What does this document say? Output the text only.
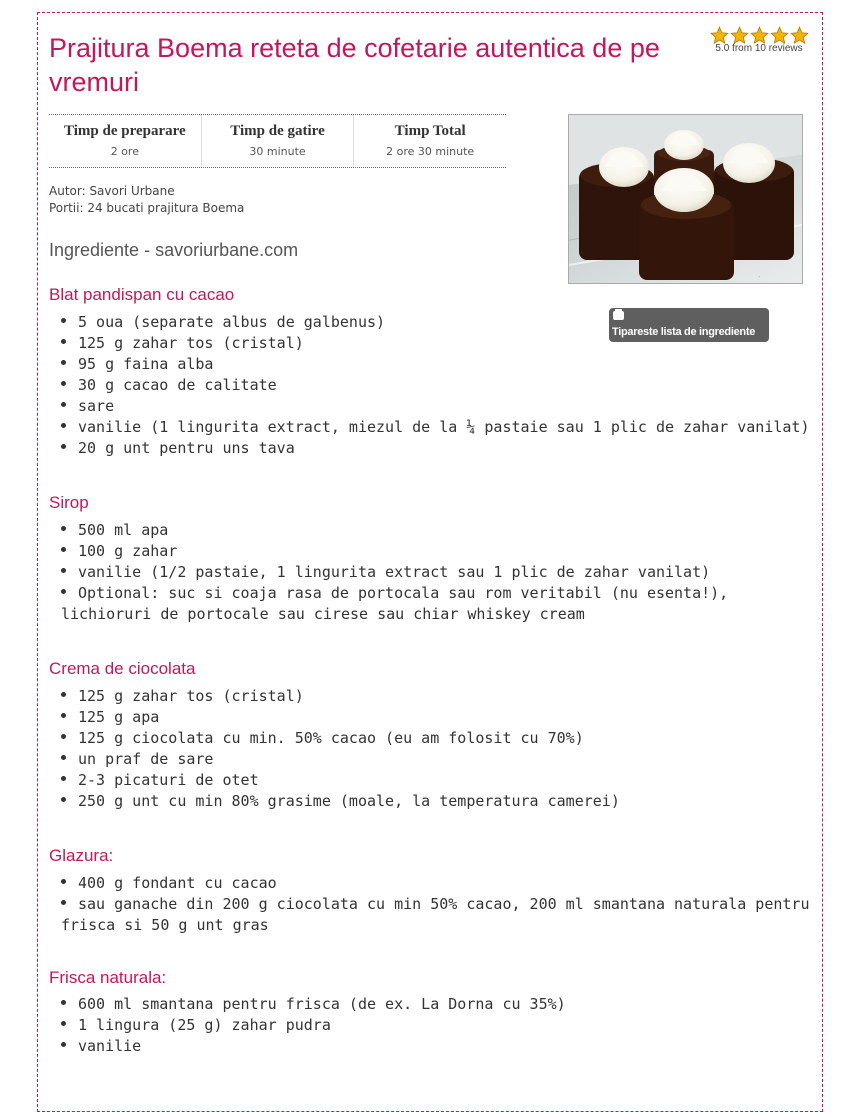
Prajitura Boema reteta de cofetarie autentica de pe vremuri
5.0 from 10 reviews
Timp de preparare
2 ore
Timp de gatire
30 minute
Timp Total
2 ore 30 minute
Autor: Savori Urbane
Portii: 24 bucati prajitura Boema
Ingrediente - savoriurbane.com
.
Tipareste lista de ingrediente
Blat pandispan cu cacao
5 oua (separate albus de galbenus)
125 g zahar tos (cristal)
95 g faina alba
30 g cacao de calitate
sare
vanilie (1 lingurita extract, miezul de la ¼ pastaie sau 1 plic de zahar vanilat)
20 g unt pentru uns tava
Sirop
500 ml apa
100 g zahar
vanilie (1/2 pastaie, 1 lingurita extract sau 1 plic de zahar vanilat)
Optional: suc si coaja rasa de portocala sau rom veritabil (nu esenta!), lichioruri de portocale sau cirese sau chiar whiskey cream
Crema de ciocolata
125 g zahar tos (cristal)
125 g apa
125 g ciocolata cu min. 50% cacao (eu am folosit cu 70%)
un praf de sare
2-3 picaturi de otet
250 g unt cu min 80% grasime (moale, la temperatura camerei)
Glazura:
400 g fondant cu cacao
sau ganache din 200 g ciocolata cu min 50% cacao, 200 ml smantana naturala pentru frisca si 50 g unt gras
Frisca naturala:
600 ml smantana pentru frisca (de ex. La Dorna cu 35%)
1 lingura (25 g) zahar pudra
vanilie
